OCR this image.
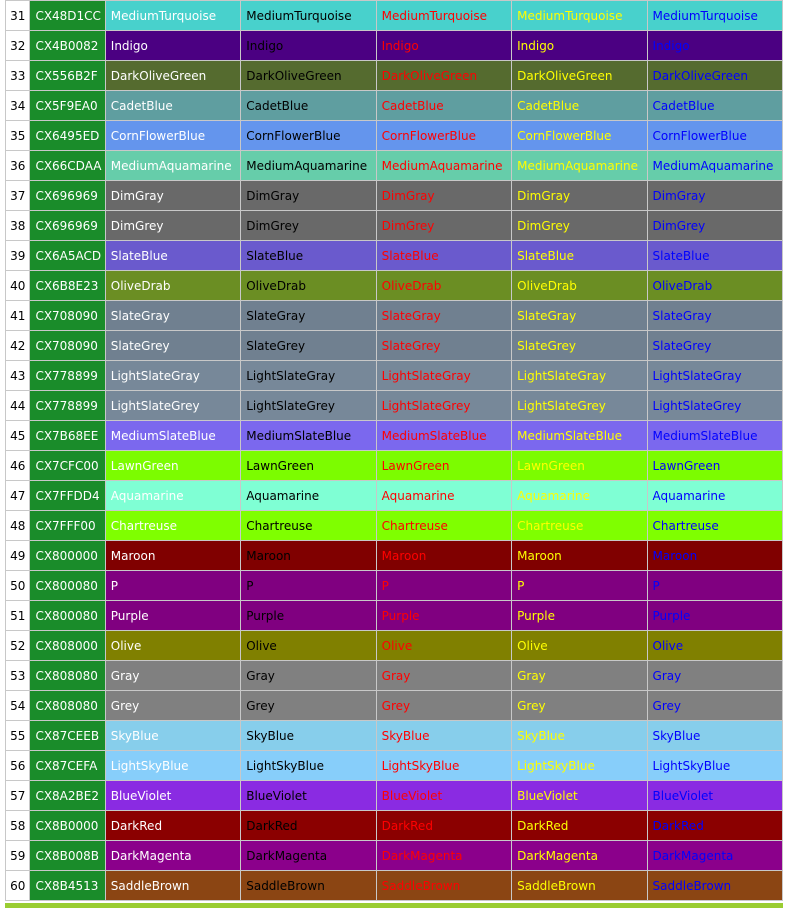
31	CX48D1CC	MediumTurquoise	MediumTurquoise	MediumTurquoise	MediumTurquoise	MediumTurquoise
32	CX4B0082	Indigo	Indigo	Indigo	Indigo	Indigo
33	CX556B2F	DarkOliveGreen	DarkOliveGreen	DarkOliveGreen	DarkOliveGreen	DarkOliveGreen
34	CX5F9EA0	CadetBlue	CadetBlue	CadetBlue	CadetBlue	CadetBlue
35	CX6495ED	CornFlowerBlue	CornFlowerBlue	CornFlowerBlue	CornFlowerBlue	CornFlowerBlue
36	CX66CDAA	MediumAquamarine	MediumAquamarine	MediumAquamarine	MediumAquamarine	MediumAquamarine
37	CX696969	DimGray	DimGray	DimGray	DimGray	DimGray
38	CX696969	DimGrey	DimGrey	DimGrey	DimGrey	DimGrey
39	CX6A5ACD	SlateBlue	SlateBlue	SlateBlue	SlateBlue	SlateBlue
40	CX6B8E23	OliveDrab	OliveDrab	OliveDrab	OliveDrab	OliveDrab
41	CX708090	SlateGray	SlateGray	SlateGray	SlateGray	SlateGray
42	CX708090	SlateGrey	SlateGrey	SlateGrey	SlateGrey	SlateGrey
43	CX778899	LightSlateGray	LightSlateGray	LightSlateGray	LightSlateGray	LightSlateGray
44	CX778899	LightSlateGrey	LightSlateGrey	LightSlateGrey	LightSlateGrey	LightSlateGrey
45	CX7B68EE	MediumSlateBlue	MediumSlateBlue	MediumSlateBlue	MediumSlateBlue	MediumSlateBlue
46	CX7CFC00	LawnGreen	LawnGreen	LawnGreen	LawnGreen	LawnGreen
47	CX7FFDD4	Aquamarine	Aquamarine	Aquamarine	Aquamarine	Aquamarine
48	CX7FFF00	Chartreuse	Chartreuse	Chartreuse	Chartreuse	Chartreuse
49	CX800000	Maroon	Maroon	Maroon	Maroon	Maroon
50	CX800080	P	P	P	P	P
51	CX800080	Purple	Purple	Purple	Purple	Purple
52	CX808000	Olive	Olive	Olive	Olive	Olive
53	CX808080	Gray	Gray	Gray	Gray	Gray
54	CX808080	Grey	Grey	Grey	Grey	Grey
55	CX87CEEB	SkyBlue	SkyBlue	SkyBlue	SkyBlue	SkyBlue
56	CX87CEFA	LightSkyBlue	LightSkyBlue	LightSkyBlue	LightSkyBlue	LightSkyBlue
57	CX8A2BE2	BlueViolet	BlueViolet	BlueViolet	BlueViolet	BlueViolet
58	CX8B0000	DarkRed	DarkRed	DarkRed	DarkRed	DarkRed
59	CX8B008B	DarkMagenta	DarkMagenta	DarkMagenta	DarkMagenta	DarkMagenta
60	CX8B4513	SaddleBrown	SaddleBrown	SaddleBrown	SaddleBrown	SaddleBrown
